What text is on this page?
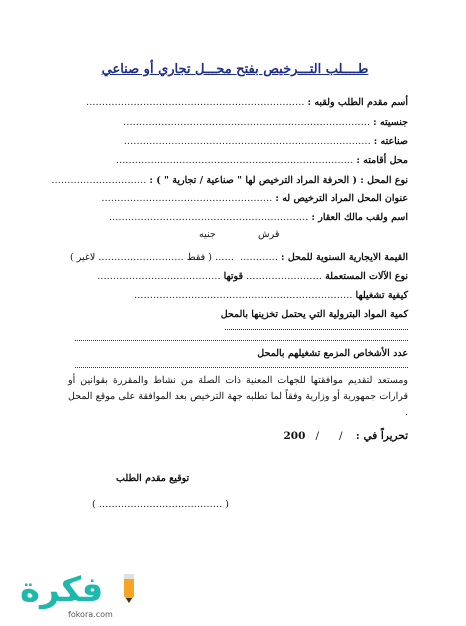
طــــلب التـــرخيص بفتح محـــل تجاري أو صناعي
أسم مقدم الطلب ولقبه : ……………………………………………………………
جنسيته : ……………………………………………………………………
صناعته : ……………………………………………………………………
محل أقامته : …………………………………………………………………
نوع المحل : ( الحرفة المراد الترخيص لها " صناعية / تجارية " ) : …………………………
عنوان المحل المراد الترخيص له : ………………………………………………
اسم ولقب مالك العقار : ………………………………………………………
قرش
جنيه
القيمة الايجارية السنوية للمحل : …………  …… ( فقط ……………………… لاغير )
نوع الآلات المستعملة …………………… قوتها …………………………………
كيفية تشغيلها ……………………………………………………………
كمية المواد البترولية التي يحتمل تخزينها بالمحل
عدد الأشخاص المزمع تشغيلهم بالمحل
ومستعد لتقديم موافقتها للجهات المعنية ذات الصلة من نشاط والمقررة بقوانين أو قرارات جمهورية أو وزارية وفقاً لما تطلبه جهة الترخيص بعد الموافقة على موقع المحل .
تحريراً في :    /      /   200
توقيع مقدم الطلب
( ………………………………… )
فكرة
fokora.com
